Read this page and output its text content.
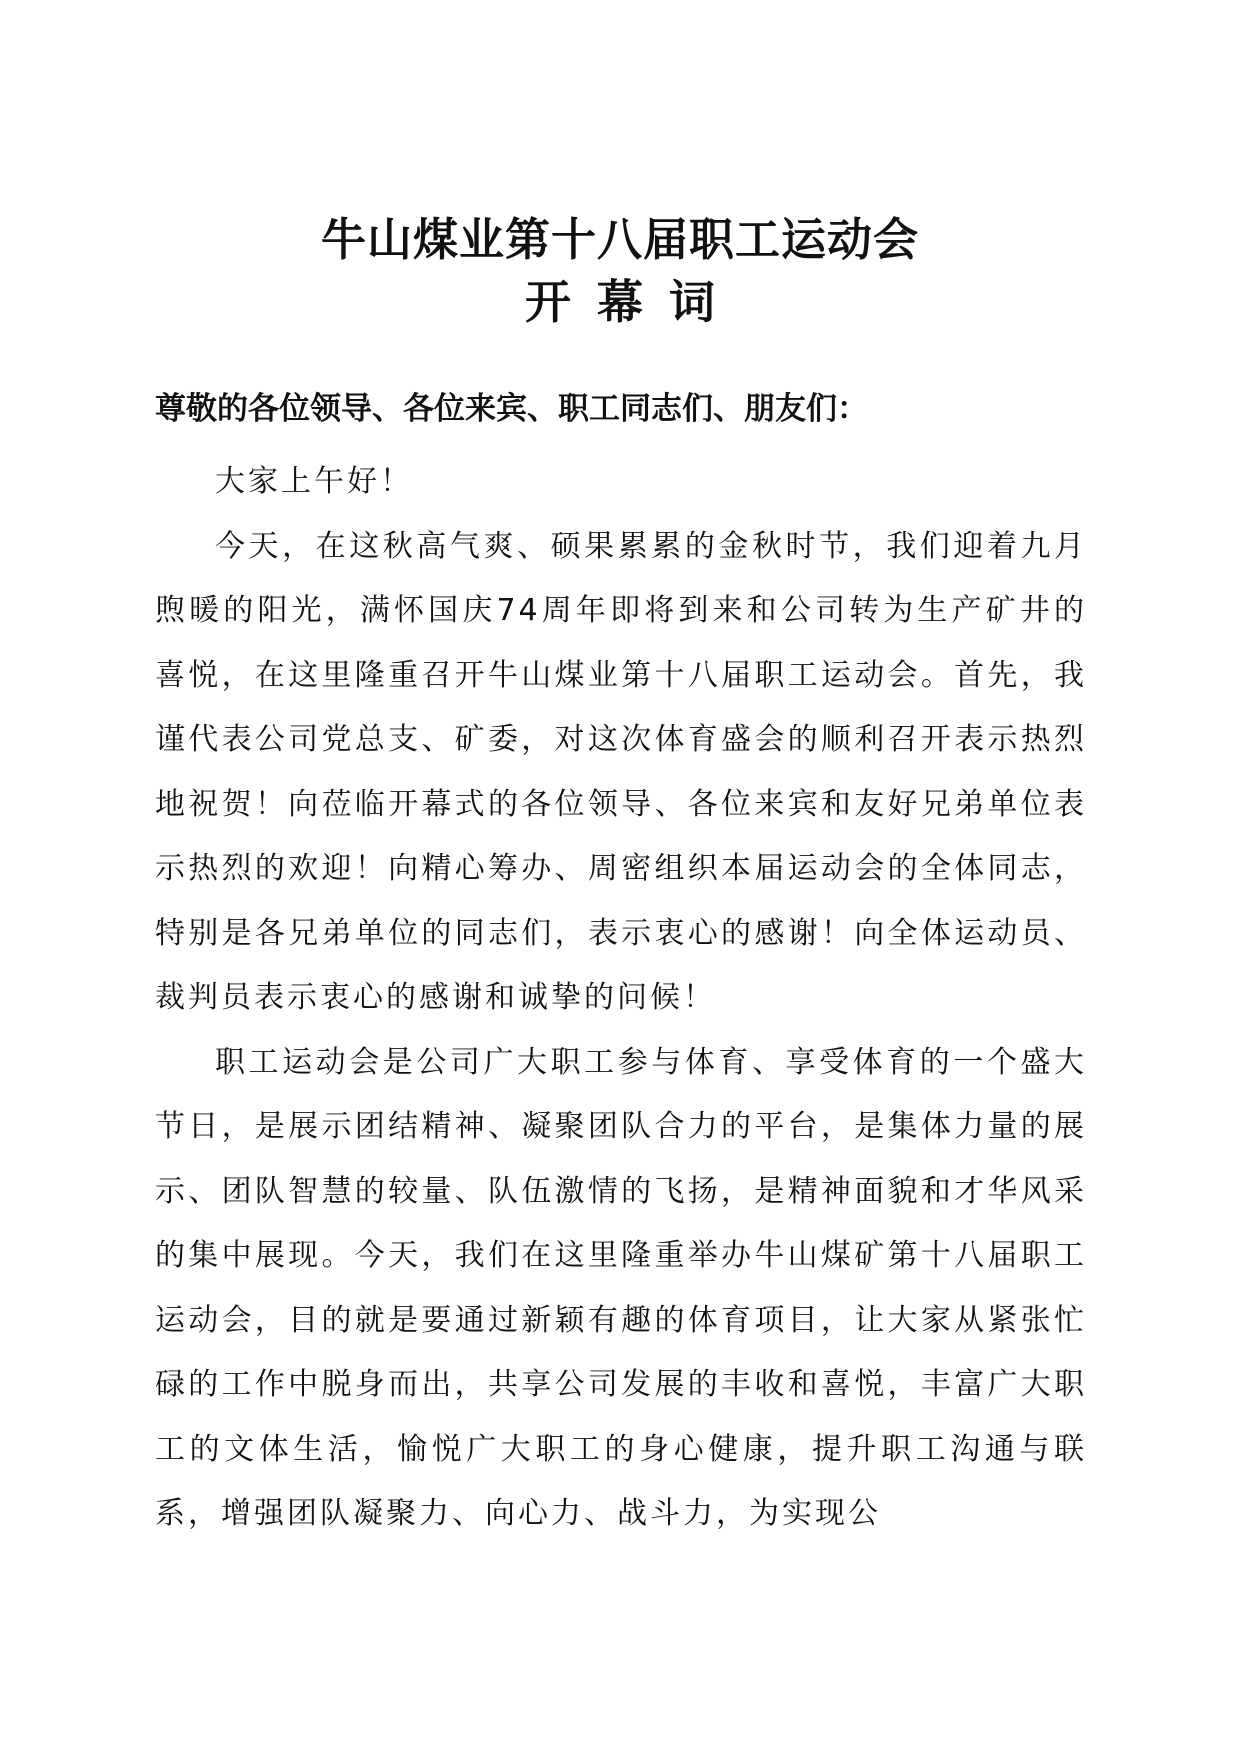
牛山煤业第十八届职工运动会
开幕词
尊敬的各位领导、各位来宾、职工同志们、朋友们：

大家上午好！

今天，在这秋高气爽、硕果累累的金秋时节，我们迎着九月煦暖的阳光，满怀国庆74周年即将到来和公司转为生产矿井的喜悦，在这里隆重召开牛山煤业第十八届职工运动会。首先，我谨代表公司党总支、矿委，对这次体育盛会的顺利召开表示热烈地祝贺！向莅临开幕式的各位领导、各位来宾和友好兄弟单位表示热烈的欢迎！向精心筹办、周密组织本届运动会的全体同志，特别是各兄弟单位的同志们，表示衷心的感谢！向全体运动员、裁判员表示衷心的感谢和诚挚的问候！

职工运动会是公司广大职工参与体育、享受体育的一个盛大节日，是展示团结精神、凝聚团队合力的平台，是集体力量的展示、团队智慧的较量、队伍激情的飞扬，是精神面貌和才华风采的集中展现。今天，我们在这里隆重举办牛山煤矿第十八届职工运动会，目的就是要通过新颖有趣的体育项目，让大家从紧张忙碌的工作中脱身而出，共享公司发展的丰收和喜悦，丰富广大职工的文体生活，愉悦广大职工的身心健康，提升职工沟通与联系，增强团队凝聚力、向心力、战斗力，为实现公
